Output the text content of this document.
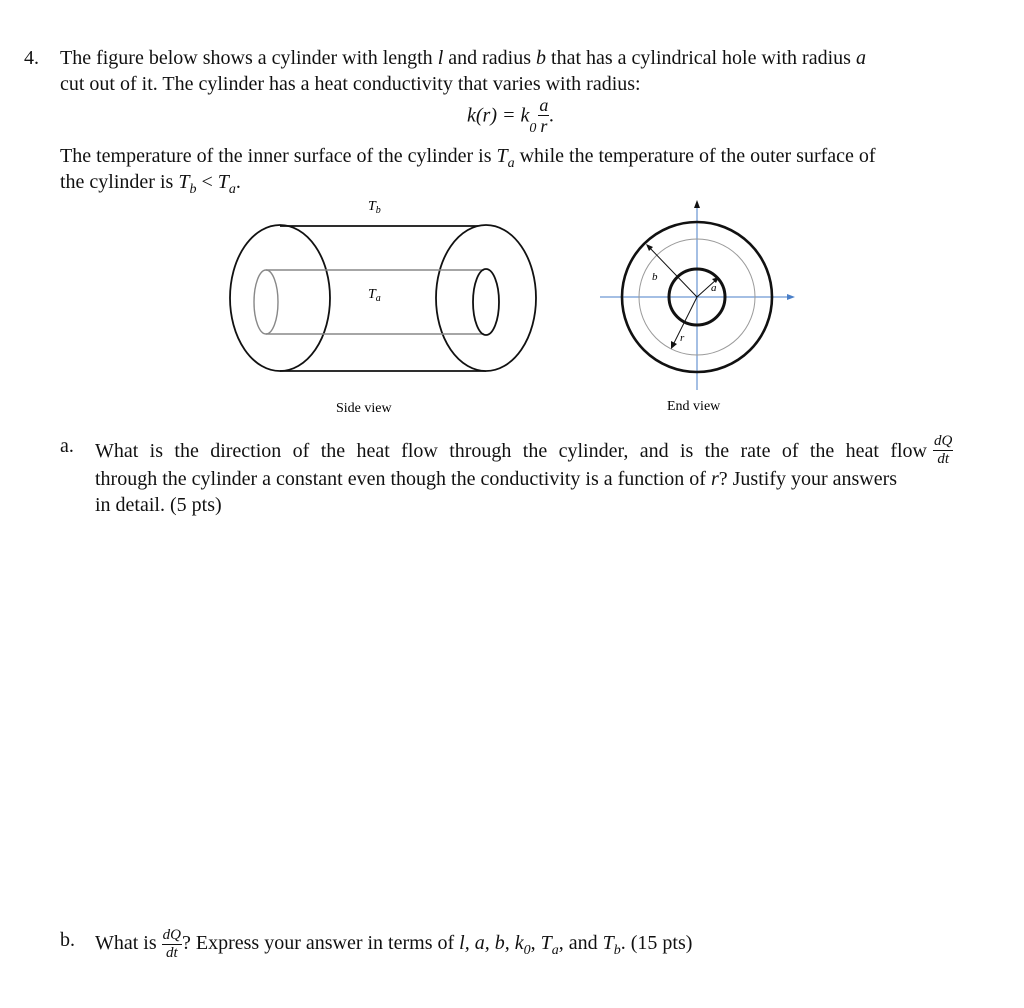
4. The figure below shows a cylinder with length l and radius b that has a cylindrical hole with radius a
cut out of it. The cylinder has a heat conductivity that varies with radius:
$k(r) = k_0 \frac{a}{r}$ .
The temperature of the inner surface of the cylinder is $T_a$ while the temperature of the outer surface of
the cylinder is $T_b < T_a$.
$T_b$
$T_a$
b
a
r
Side view	End view
a. What is the direction of the heat flow through the cylinder, and is the rate of the heat flow $\frac{dQ}{dt}$
through the cylinder a constant even though the conductivity is a function of r? Justify your answers
in detail. (5 pts)
b. What is $\frac{dQ}{dt}$ ? Express your answer in terms of l, a, b, $k_0$, $T_a$, and $T_b$. (15 pts)
